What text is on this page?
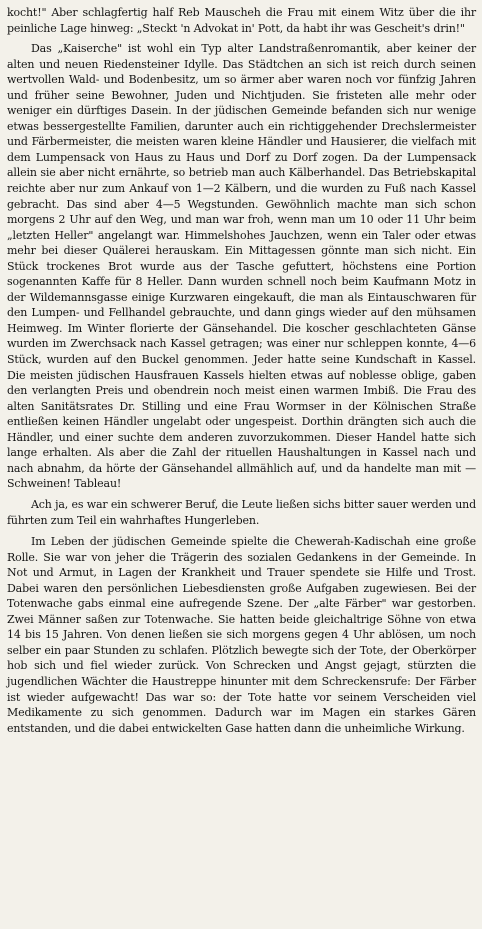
kocht!" Aber schlagfertig half Reb Mauscheh die Frau mit einem Witz über die ihr peinliche Lage hinweg: „Steckt 'n Advokat in' Pott, da habt ihr was Gescheit's drin!"

Das „Kaiserche" ist wohl ein Typ alter Landstraßenromantik, aber keiner der alten und neuen Riedensteiner Idylle. Das Städtchen an sich ist reich durch seinen wertvollen Wald- und Bodenbesitz, um so ärmer aber waren noch vor fünfzig Jahren und früher seine Bewohner, Juden und Nichtjuden. Sie fristeten alle mehr oder weniger ein dürftiges Dasein. In der jüdischen Gemeinde befanden sich nur wenige etwas bessergestellte Familien, darunter auch ein richtiggehender Drechslermeister und Färbermeister, die meisten waren kleine Händler und Hausierer, die vielfach mit dem Lumpensack von Haus zu Haus und Dorf zu Dorf zogen. Da der Lumpensack allein sie aber nicht ernährte, so betrieb man auch Kälberhandel. Das Betriebskapital reichte aber nur zum Ankauf von 1—2 Kälbern, und die wurden zu Fuß nach Kassel gebracht. Das sind aber 4—5 Wegstunden. Gewöhnlich machte man sich schon morgens 2 Uhr auf den Weg, und man war froh, wenn man um 10 oder 11 Uhr beim „letzten Heller" angelangt war. Himmelshohes Jauchzen, wenn ein Taler oder etwas mehr bei dieser Quälerei herauskam. Ein Mittagessen gönnte man sich nicht. Ein Stück trockenes Brot wurde aus der Tasche gefuttert, höchstens eine Portion sogenannten Kaffe für 8 Heller. Dann wurden schnell noch beim Kaufmann Motz in der Wildemannsgasse einige Kurzwaren eingekauft, die man als Eintauschwaren für den Lumpen- und Fellhandel gebrauchte, und dann gings wieder auf den mühsamen Heimweg. Im Winter florierte der Gänsehandel. Die koscher geschlachteten Gänse wurden im Zwerchsack nach Kassel getragen; was einer nur schleppen konnte, 4—6 Stück, wurden auf den Buckel genommen. Jeder hatte seine Kundschaft in Kassel. Die meisten jüdischen Hausfrauen Kassels hielten etwas auf noblesse oblige, gaben den verlangten Preis und obendrein noch meist einen warmen Imbiß. Die Frau des alten Sanitätsrates Dr. Stilling und eine Frau Wormser in der Kölnischen Straße entließen keinen Händler ungelabt oder ungespeist. Dorthin drängten sich auch die Händler, und einer suchte dem anderen zuvorzukommen. Dieser Handel hatte sich lange erhalten. Als aber die Zahl der rituellen Haushaltungen in Kassel nach und nach abnahm, da hörte der Gänsehandel allmählich auf, und da handelte man mit — Schweinen! Tableau!

Ach ja, es war ein schwerer Beruf, die Leute ließen sichs bitter sauer werden und führten zum Teil ein wahrhaftes Hungerleben.

Im Leben der jüdischen Gemeinde spielte die Chewerah-Kadischah eine große Rolle. Sie war von jeher die Trägerin des sozialen Gedankens in der Gemeinde. In Not und Armut, in Lagen der Krankheit und Trauer spendete sie Hilfe und Trost. Dabei waren den persönlichen Liebesdiensten große Aufgaben zugewiesen. Bei der Totenwache gabs einmal eine aufregende Szene. Der „alte Färber" war gestorben. Zwei Männer saßen zur Totenwache. Sie hatten beide gleichaltrige Söhne von etwa 14 bis 15 Jahren. Von denen ließen sie sich morgens gegen 4 Uhr ablösen, um noch selber ein paar Stunden zu schlafen. Plötzlich bewegte sich der Tote, der Oberkörper hob sich und fiel wieder zurück. Von Schrecken und Angst gejagt, stürzten die jugendlichen Wächter die Haustreppe hinunter mit dem Schreckensrufe: Der Färber ist wieder aufgewacht! Das war so: der Tote hatte vor seinem Verscheiden viel Medikamente zu sich genommen. Dadurch war im Magen ein starkes Gären entstanden, und die dabei entwickelten Gase hatten dann die unheimliche Wirkung.
